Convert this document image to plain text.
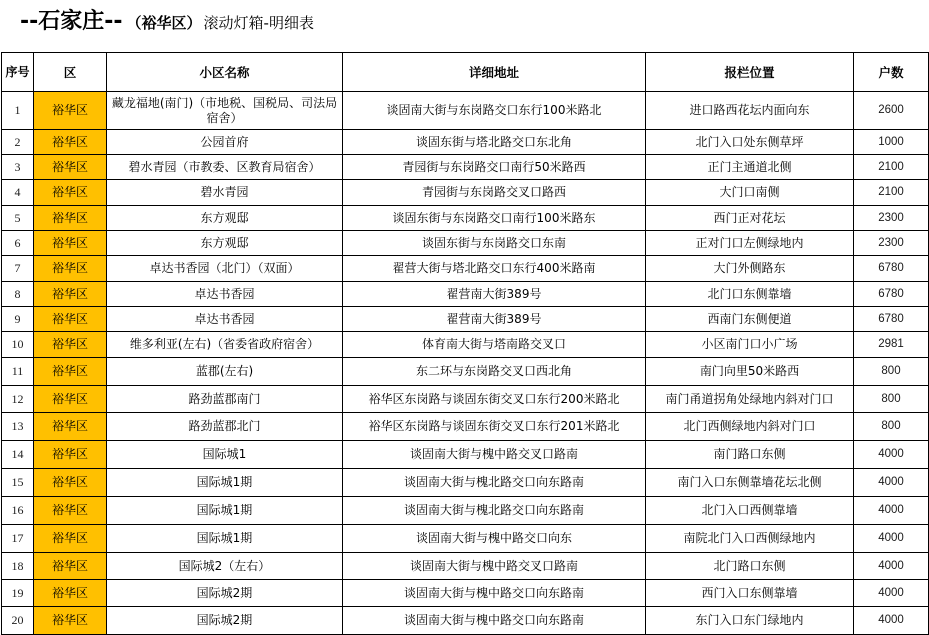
--石家庄-- （裕华区） 滚动灯箱-明细表
序号	区	小区名称	详细地址	报栏位置	户数
1	裕华区	藏龙福地(南门)（市地税、国税局、司法局宿舍）	谈固南大街与东岗路交口东行100米路北	进口路西花坛内面向东	2600
2	裕华区	公园首府	谈固东街与塔北路交口东北角	北门入口处东侧草坪	1000
3	裕华区	碧水青园（市教委、区教育局宿舍）	青园街与东岗路交口南行50米路西	正门主通道北侧	2100
4	裕华区	碧水青园	青园街与东岗路交叉口路西	大门口南侧	2100
5	裕华区	东方观邸	谈固东街与东岗路交口南行100米路东	西门正对花坛	2300
6	裕华区	东方观邸	谈固东街与东岗路交口东南	正对门口左侧绿地内	2300
7	裕华区	卓达书香园（北门）（双面）	翟营大街与塔北路交口东行400米路南	大门外侧路东	6780
8	裕华区	卓达书香园	翟营南大街389号	北门口东侧靠墙	6780
9	裕华区	卓达书香园	翟营南大街389号	西南门东侧便道	6780
10	裕华区	维多利亚(左右)（省委省政府宿舍）	体育南大街与塔南路交叉口	小区南门口小广场	2981
11	裕华区	蓝郡(左右)	东二环与东岗路交叉口西北角	南门向里50米路西	800
12	裕华区	路劲蓝郡南门	裕华区东岗路与谈固东街交叉口东行200米路北	南门甬道拐角处绿地内斜对门口	800
13	裕华区	路劲蓝郡北门	裕华区东岗路与谈固东街交叉口东行201米路北	北门西侧绿地内斜对门口	800
14	裕华区	国际城1	谈固南大街与槐中路交叉口路南	南门路口东侧	4000
15	裕华区	国际城1期	谈固南大街与槐北路交口向东路南	南门入口东侧靠墙花坛北侧	4000
16	裕华区	国际城1期	谈固南大街与槐北路交口向东路南	北门入口西侧靠墙	4000
17	裕华区	国际城1期	谈固南大街与槐中路交口向东	南院北门入口西侧绿地内	4000
18	裕华区	国际城2（左右）	谈固南大街与槐中路交叉口路南	北门路口东侧	4000
19	裕华区	国际城2期	谈固南大街与槐中路交口向东路南	西门入口东侧靠墙	4000
20	裕华区	国际城2期	谈固南大街与槐中路交口向东路南	东门入口东门绿地内	4000
